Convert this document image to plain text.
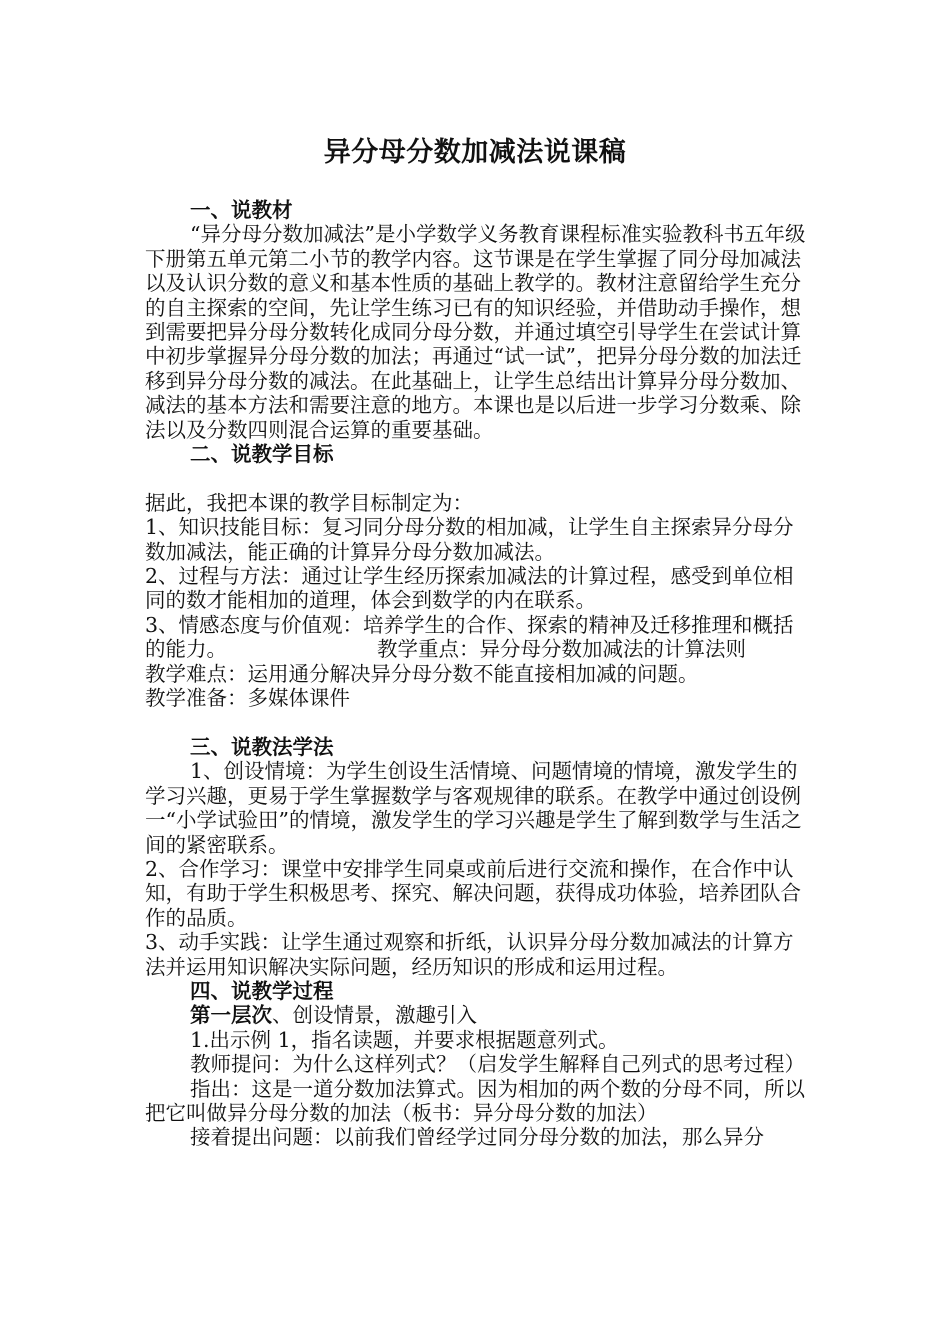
异分母分数加减法说课稿

一、说教材

“异分母分数加减法”是小学数学义务教育课程标准实验教科书五年级下册第五单元第二小节的教学内容。这节课是在学生掌握了同分母加减法以及认识分数的意义和基本性质的基础上教学的。教材注意留给学生充分的自主探索的空间，先让学生练习已有的知识经验，并借助动手操作，想到需要把异分母分数转化成同分母分数，并通过填空引导学生在尝试计算中初步掌握异分母分数的加法；再通过“试一试”，把异分母分数的加法迁移到异分母分数的减法。在此基础上，让学生总结出计算异分母分数加、减法的基本方法和需要注意的地方。本课也是以后进一步学习分数乘、除法以及分数四则混合运算的重要基础。

二、说教学目标

据此，我把本课的教学目标制定为：

1、知识技能目标：复习同分母分数的相加减，让学生自主探索异分母分数加减法，能正确的计算异分母分数加减法。

2、过程与方法：通过让学生经历探索加减法的计算过程，感受到单位相同的数才能相加的道理，体会到数学的内在联系。

3、情感态度与价值观：培养学生的合作、探索的精神及迁移推理和概括的能力。	教学重点：异分母分数加减法的计算法则

教学难点：运用通分解决异分母分数不能直接相加减的问题。

教学准备：多媒体课件

三、说教法学法

1、创设情境：为学生创设生活情境、问题情境的情境，激发学生的学习兴趣，更易于学生掌握数学与客观规律的联系。在教学中通过创设例一“小学试验田”的情境，激发学生的学习兴趣是学生了解到数学与生活之间的紧密联系。

2、合作学习：课堂中安排学生同桌或前后进行交流和操作，在合作中认知，有助于学生积极思考、探究、解决问题，获得成功体验，培养团队合作的品质。

3、动手实践：让学生通过观察和折纸，认识异分母分数加减法的计算方法并运用知识解决实际问题，经历知识的形成和运用过程。

四、说教学过程

第一层次、创设情景，激趣引入

1.出示例 1，指名读题，并要求根据题意列式。

教师提问：为什么这样列式？（启发学生解释自己列式的思考过程）

指出：这是一道分数加法算式。因为相加的两个数的分母不同，所以把它叫做异分母分数的加法（板书：异分母分数的加法）

接着提出问题：以前我们曾经学过同分母分数的加法，那么异分
